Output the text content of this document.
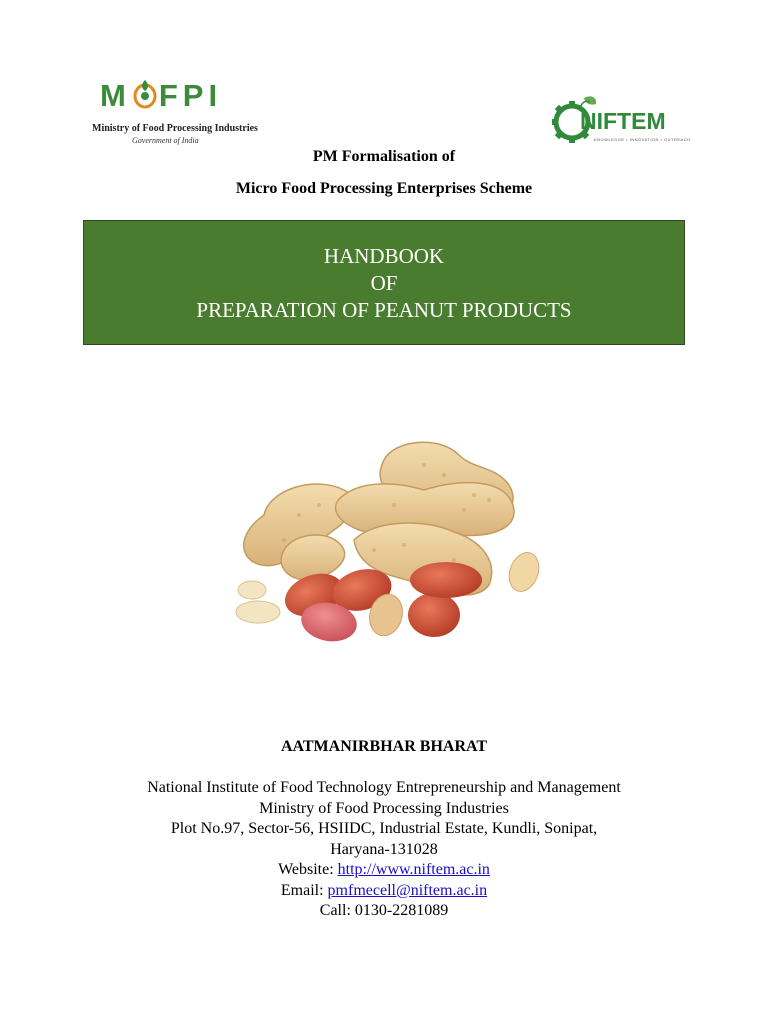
M FPI
Ministry of Food Processing Industries
Government of India
NIFTEM
KNOWLEDGE • INNOVATION • OUTREACH
PM Formalisation of
Micro Food Processing Enterprises Scheme
HANDBOOK
OF
PREPARATION OF PEANUT PRODUCTS
AATMANIRBHAR BHARAT
National Institute of Food Technology Entrepreneurship and Management
Ministry of Food Processing Industries
Plot No.97, Sector-56, HSIIDC, Industrial Estate, Kundli, Sonipat,
Haryana-131028
Website: http://www.niftem.ac.in
Email: pmfmecell@niftem.ac.in
Call: 0130-2281089
